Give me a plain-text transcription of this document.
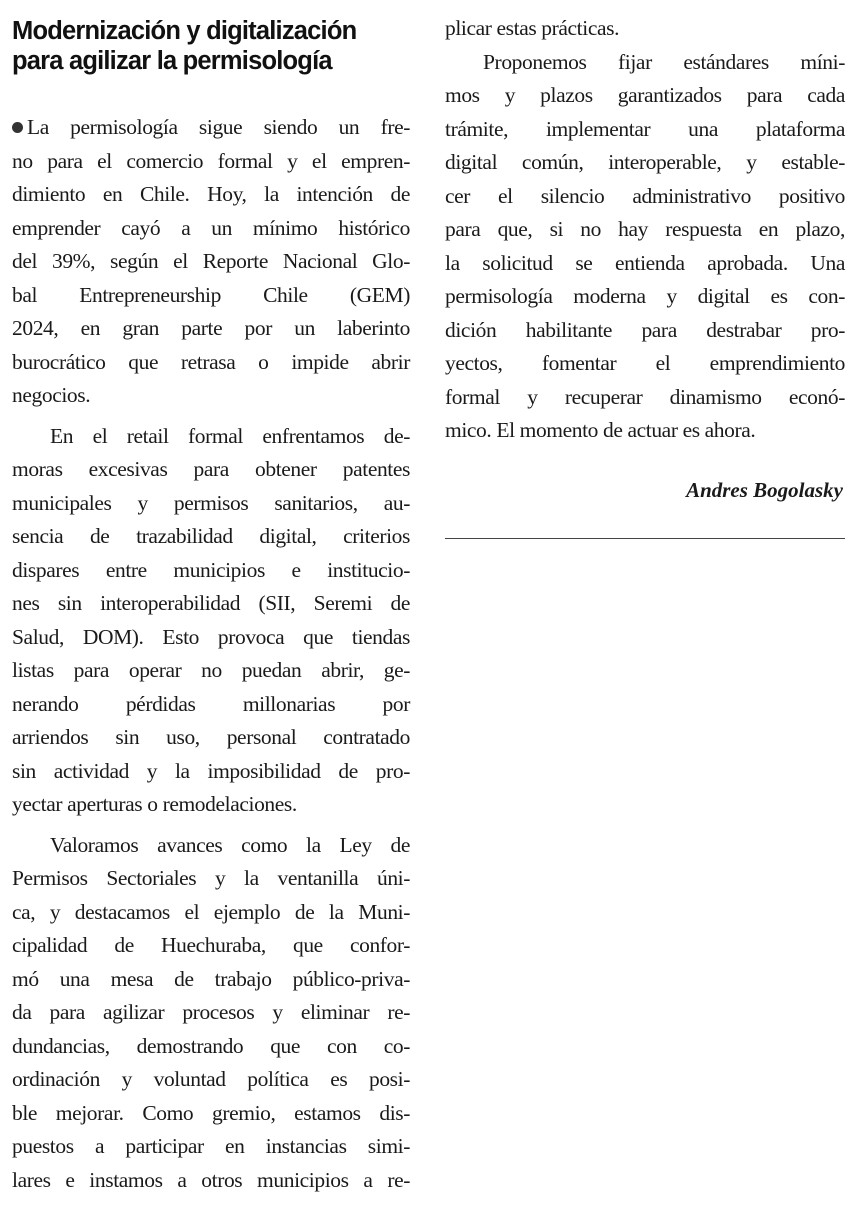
Modernización y digitalización
para agilizar la permisología
La permisología sigue siendo un fre-
no para el comercio formal y el empren-
dimiento en Chile. Hoy, la intención de
emprender cayó a un mínimo histórico
del 39%, según el Reporte Nacional Glo-
bal Entrepreneurship Chile (GEM)
2024, en gran parte por un laberinto
burocrático que retrasa o impide abrir
negocios.
En el retail formal enfrentamos de-
moras excesivas para obtener patentes
municipales y permisos sanitarios, au-
sencia de trazabilidad digital, criterios
dispares entre municipios e institucio-
nes sin interoperabilidad (SII, Seremi de
Salud, DOM). Esto provoca que tiendas
listas para operar no puedan abrir, ge-
nerando pérdidas millonarias por
arriendos sin uso, personal contratado
sin actividad y la imposibilidad de pro-
yectar aperturas o remodelaciones.
Valoramos avances como la Ley de
Permisos Sectoriales y la ventanilla úni-
ca, y destacamos el ejemplo de la Muni-
cipalidad de Huechuraba, que confor-
mó una mesa de trabajo público-priva-
da para agilizar procesos y eliminar re-
dundancias, demostrando que con co-
ordinación y voluntad política es posi-
ble mejorar. Como gremio, estamos dis-
puestos a participar en instancias simi-
lares e instamos a otros municipios a re-
plicar estas prácticas.
Proponemos fijar estándares míni-
mos y plazos garantizados para cada
trámite, implementar una plataforma
digital común, interoperable, y estable-
cer el silencio administrativo positivo
para que, si no hay respuesta en plazo,
la solicitud se entienda aprobada. Una
permisología moderna y digital es con-
dición habilitante para destrabar pro-
yectos, fomentar el emprendimiento
formal y recuperar dinamismo econó-
mico. El momento de actuar es ahora.
Andres Bogolasky
